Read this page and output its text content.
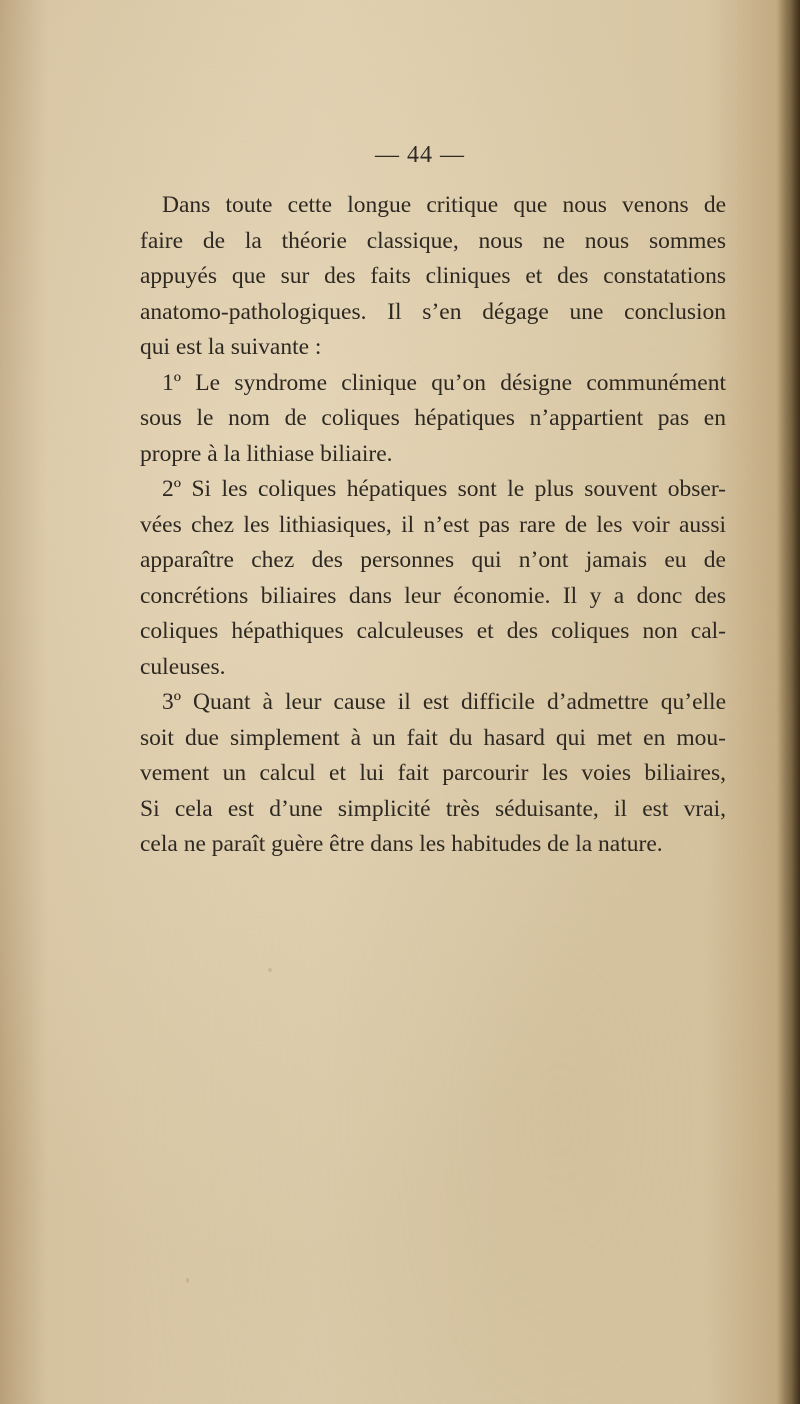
— 44 —
Dans toute cette longue critique que nous venons de
faire de la théorie classique, nous ne nous sommes
appuyés que sur des faits cliniques et des constatations
anatomo-pathologiques. Il s’en dégage une conclusion
qui est la suivante :
1º Le syndrome clinique qu’on désigne communément
sous le nom de coliques hépatiques n’appartient pas en
propre à la lithiase biliaire.
2º Si les coliques hépatiques sont le plus souvent obser-
vées chez les lithiasiques, il n’est pas rare de les voir aussi
apparaître chez des personnes qui n’ont jamais eu de
concrétions biliaires dans leur économie. Il y a donc des
coliques hépathiques calculeuses et des coliques non cal-
culeuses.
3º Quant à leur cause il est difficile d’admettre qu’elle
soit due simplement à un fait du hasard qui met en mou-
vement un calcul et lui fait parcourir les voies biliaires,
Si cela est d’une simplicité très séduisante, il est vrai,
cela ne paraît guère être dans les habitudes de la nature.
